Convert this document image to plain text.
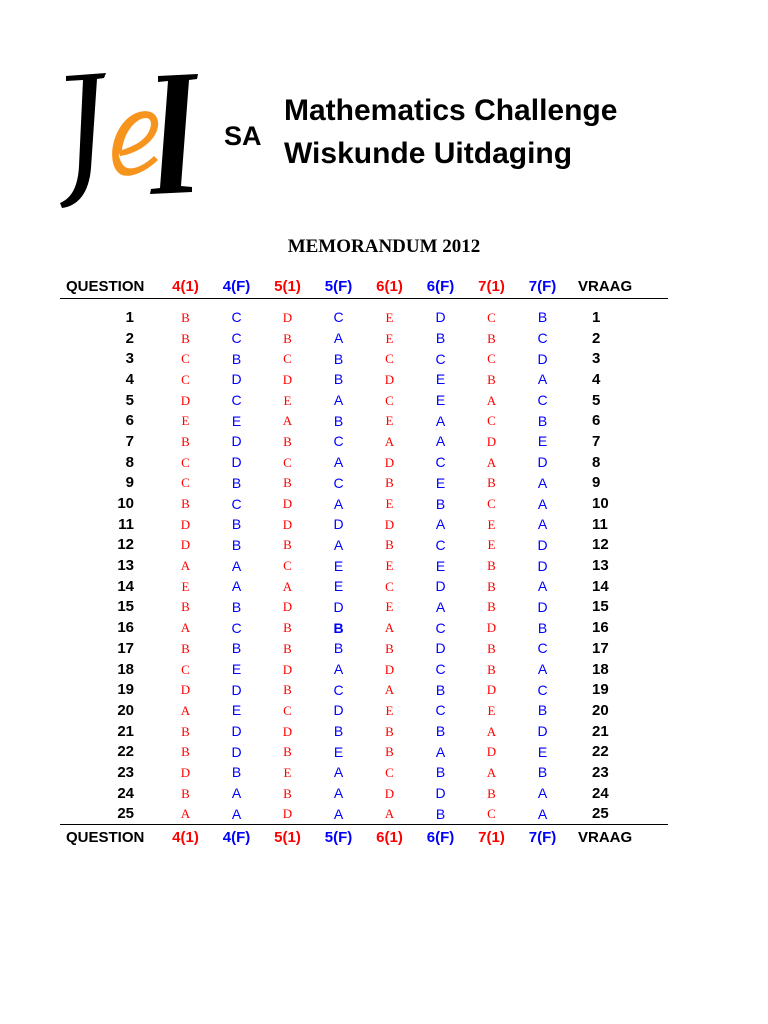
SA
Mathematics Challenge
Wiskunde Uitdaging
MEMORANDUM 2012
QUESTION	4(1)	4(F)	5(1)	5(F)	6(1)	6(F)	7(1)	7(F)	VRAAG
1	B	C	D	C	E	D	C	B	1
2	B	C	B	A	E	B	B	C	2
3	C	B	C	B	C	C	C	D	3
4	C	D	D	B	D	E	B	A	4
5	D	C	E	A	C	E	A	C	5
6	E	E	A	B	E	A	C	B	6
7	B	D	B	C	A	A	D	E	7
8	C	D	C	A	D	C	A	D	8
9	C	B	B	C	B	E	B	A	9
10	B	C	D	A	E	B	C	A	10
11	D	B	D	D	D	A	E	A	11
12	D	B	B	A	B	C	E	D	12
13	A	A	C	E	E	E	B	D	13
14	E	A	A	E	C	D	B	A	14
15	B	B	D	D	E	A	B	D	15
16	A	C	B	B	A	C	D	B	16
17	B	B	B	B	B	D	B	C	17
18	C	E	D	A	D	C	B	A	18
19	D	D	B	C	A	B	D	C	19
20	A	E	C	D	E	C	E	B	20
21	B	D	D	B	B	B	A	D	21
22	B	D	B	E	B	A	D	E	22
23	D	B	E	A	C	B	A	B	23
24	B	A	B	A	D	D	B	A	24
25	A	A	D	A	A	B	C	A	25
QUESTION	4(1)	4(F)	5(1)	5(F)	6(1)	6(F)	7(1)	7(F)	VRAAG
